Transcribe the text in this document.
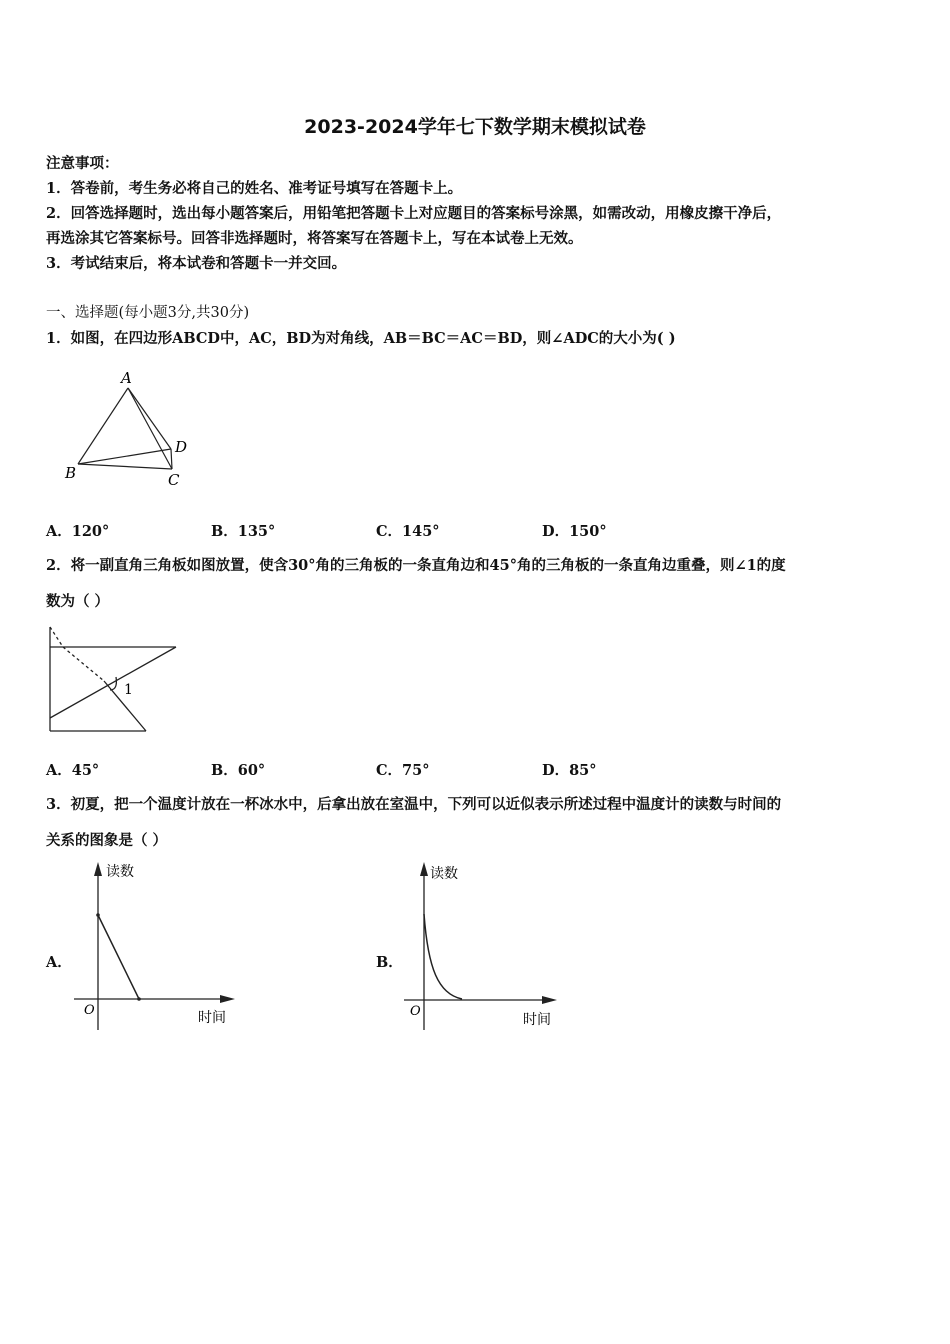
2023-2024学年七下数学期末模拟试卷
注意事项：
1．答卷前，考生务必将自己的姓名、准考证号填写在答题卡上。
2．回答选择题时，选出每小题答案后，用铅笔把答题卡上对应题目的答案标号涂黑，如需改动，用橡皮擦干净后，
再选涂其它答案标号。回答非选择题时，将答案写在答题卡上，写在本试卷上无效。
3．考试结束后，将本试卷和答题卡一并交回。
一、选择题(每小题3分,共30分)
1．如图，在四边形ABCD中，AC，BD为对角线，AB＝BC＝AC＝BD，则∠ADC的大小为( )
A
B	C
D
A．120°	B．135°	C．145°	D．150°
2．将一副直角三角板如图放置，使含30°角的三角板的一条直角边和45°角的三角板的一条直角边重叠，则∠1的度
数为（ ）
1
A．45°	B．60°	C．75°	D．85°
3．初夏，把一个温度计放在一杯冰水中，后拿出放在室温中，下列可以近似表示所述过程中温度计的读数与时间的
关系的图象是（ ）
A．
读数
时间
O
B．
读数
时间
O
